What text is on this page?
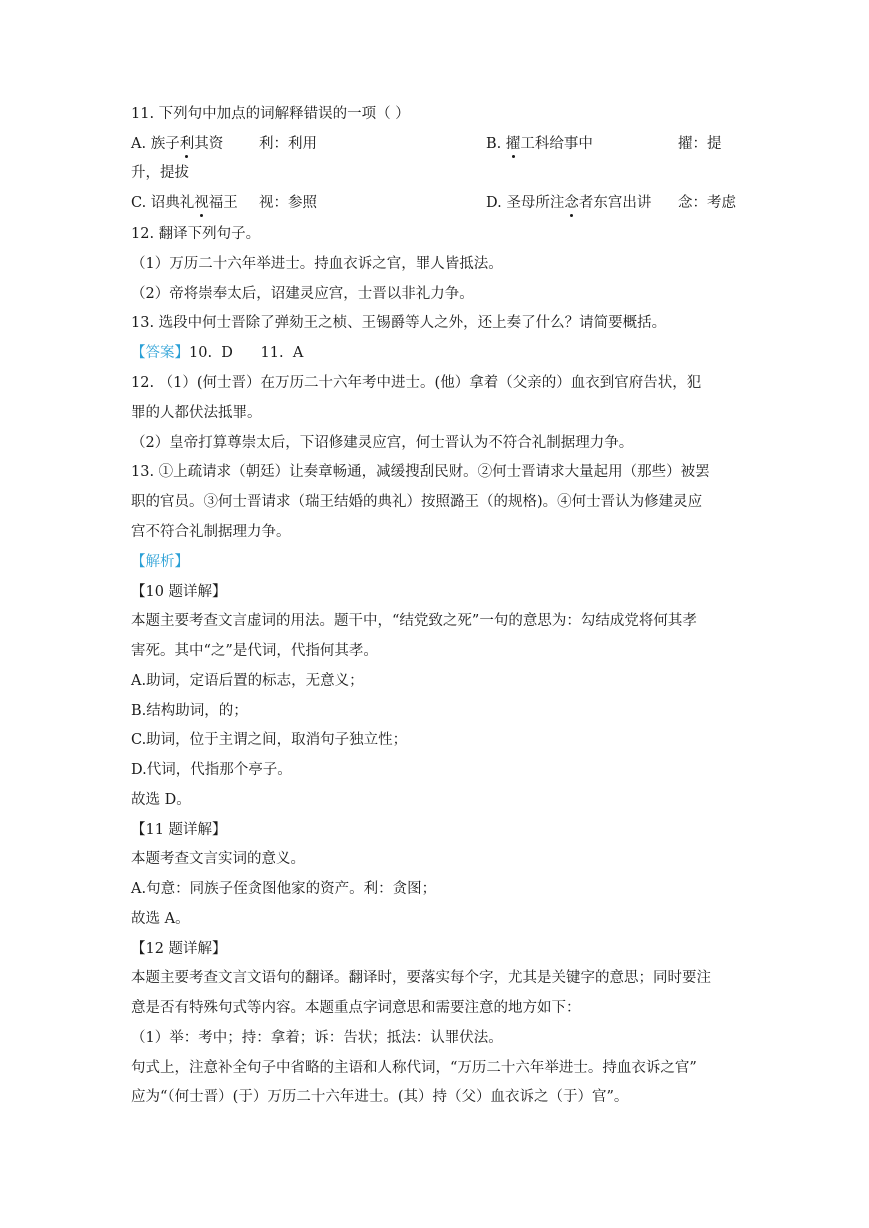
11. 下列句中加点的词解释错误的一项（ ）
A. 族子利其资 利：利用	B. 擢工科给事中	擢：提
升，提拔
C. 诏典礼视福王 视：参照	D. 圣母所注念者东宫出讲 念：考虑
12. 翻译下列句子。
（1）万历二十六年举进士。持血衣诉之官，罪人皆抵法。
（2）帝将崇奉太后，诏建灵应宫，士晋以非礼力争。
13. 选段中何士晋除了弹劾王之桢、王锡爵等人之外，还上奏了什么？请简要概括。
【答案】10.  D      11.  A
12. （1）(何士晋）在万历二十六年考中进士。(他）拿着（父亲的）血衣到官府告状，犯
罪的人都伏法抵罪。
（2）皇帝打算尊崇太后，下诏修建灵应宫，何士晋认为不符合礼制据理力争。
13. ①上疏请求（朝廷）让奏章畅通，减缓搜刮民财。②何士晋请求大量起用（那些）被罢
职的官员。③何士晋请求（瑞王结婚的典礼）按照潞王（的规格)。④何士晋认为修建灵应
宫不符合礼制据理力争。
【解析】
【10 题详解】
本题主要考查文言虚词的用法。题干中，“结党致之死”一句的意思为：勾结成党将何其孝
害死。其中“之”是代词，代指何其孝。
A.助词，定语后置的标志，无意义；
B.结构助词，的；
C.助词，位于主谓之间，取消句子独立性；
D.代词，代指那个亭子。
故选 D。
【11 题详解】
本题考查文言实词的意义。
A.句意：同族子侄贪图他家的资产。利：贪图；
故选 A。
【12 题详解】
本题主要考查文言文语句的翻译。翻译时，要落实每个字，尤其是关键字的意思；同时要注
意是否有特殊句式等内容。本题重点字词意思和需要注意的地方如下：
（1）举：考中；持：拿着；诉：告状；抵法：认罪伏法。
句式上，注意补全句子中省略的主语和人称代词，“万历二十六年举进士。持血衣诉之官”
应为“（何士晋）(于）万历二十六年进士。(其）持（父）血衣诉之（于）官”。
